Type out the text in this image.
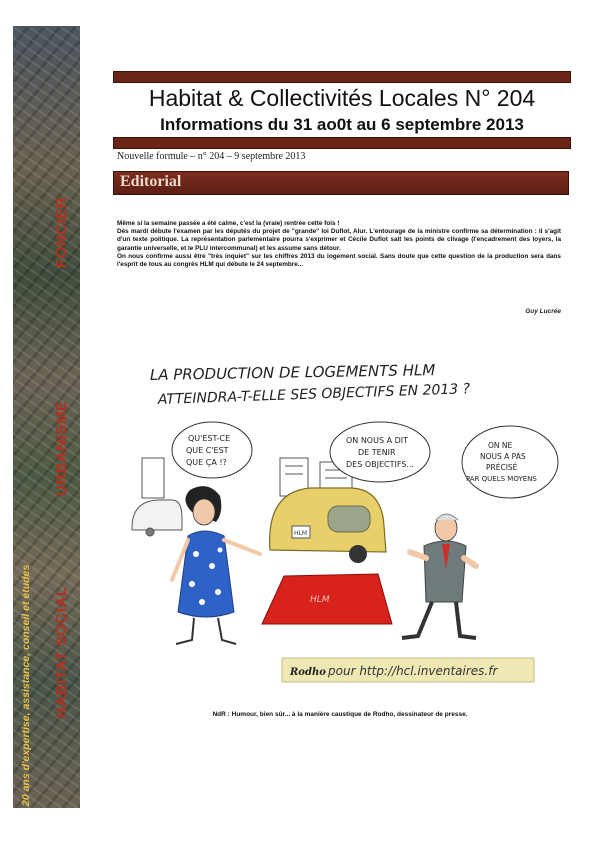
FONCIER
URBANISME
HABITAT SOCIAL
20 ans d'expertise, assistance, conseil et études
Habitat & Collectivités Locales N° 204
Informations du 31 ao0t au 6 septembre 2013
Nouvelle formule – n° 204 – 9 septembre 2013
Editorial

Même si la semaine passée a été calme, c'est la (vraie) rentrée cette fois !

Dès mardi débute l'examen par les députés du projet de "grande" loi Duflot, Alur. L'entourage de la ministre confirme sa détermination : il s'agit d'un texte politique. La représentation parlementaire pourra s'exprimer et Cécile Duflot sait les points de clivage (l'encadrement des loyers, la garantie universelle, et le PLU intercommunal) et les assume sans détour.

On nous confirme aussi être "très inquiet" sur les chiffres 2013 du logement social. Sans doute que cette question de la production sera dans l'esprit de tous au congrès HLM qui débute le 24 septembre...

Guy Lucrée
LA PRODUCTION DE LOGEMENTS HLM
ATTEINDRA-T-ELLE SES OBJECTIFS EN 2013 ?
QU'EST-CE
QUE C'EST
QUE ÇA !?
ON NOUS A DIT
DE TENIR
DES OBJECTIFS...
ON NE
NOUS A PAS
PRÉCISÉ
PAR QUELS MOYENS
HLM
HLM
Rodho pour http://hcl.inventaires.fr
NdR : Humour, bien sûr... à la manière caustique de Rodho, dessinateur de presse.
